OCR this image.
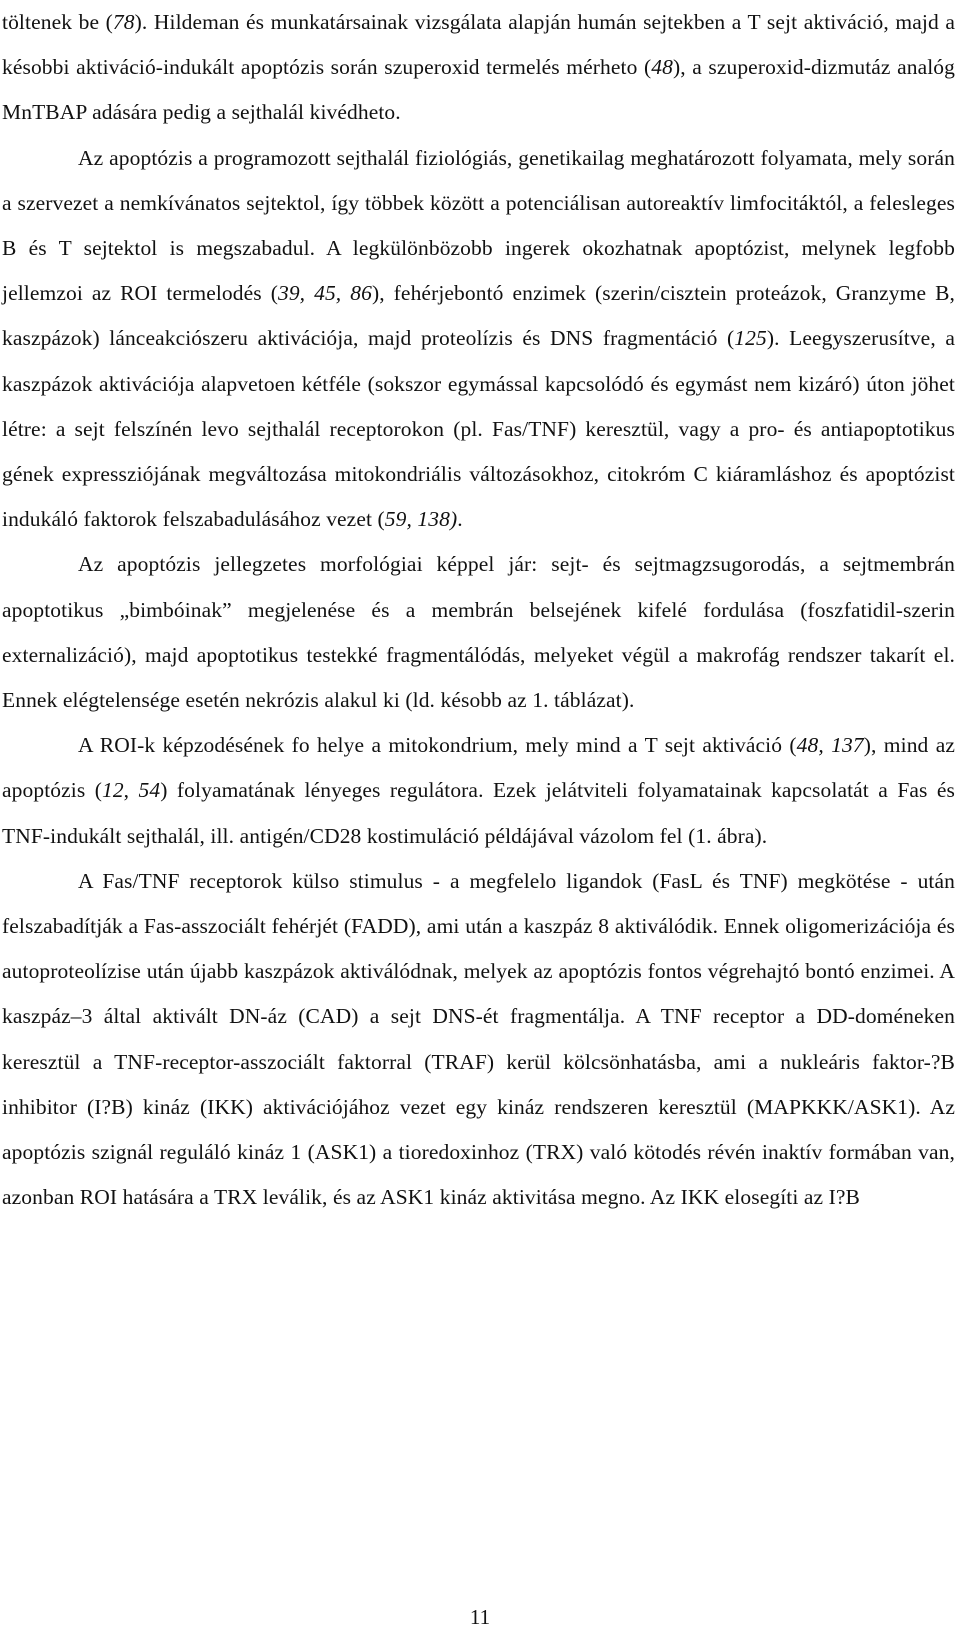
töltenek be (78). Hildeman és munkatársainak vizsgálata alapján humán sejtekben a T sejt aktiváció, majd a késobbi aktiváció-indukált apoptózis során szuperoxid termelés mérheto (48), a szuperoxid-dizmutáz analóg MnTBAP adására pedig a sejthalál kivédheto.

Az apoptózis a programozott sejthalál fiziológiás, genetikailag meghatározott folyamata, mely során a szervezet a nemkívánatos sejtektol, így többek között a potenciálisan autoreaktív limfocitáktól, a felesleges B és T sejtektol is megszabadul. A legkülönbözobb ingerek okozhatnak apoptózist, melynek legfobb jellemzoi az ROI termelodés (39, 45, 86), fehérjebontó enzimek (szerin/cisztein proteázok, Granzyme B, kaszpázok) lánceakciószeru aktivációja, majd proteolízis és DNS fragmentáció (125). Leegyszerusítve, a kaszpázok aktivációja alapvetoen kétféle (sokszor egymással kapcsolódó és egymást nem kizáró) úton jöhet létre: a sejt felszínén levo sejthalál receptorokon (pl. Fas/TNF) keresztül, vagy a pro- és antiapoptotikus gének expressziójának megváltozása mitokondriális változásokhoz, citokróm C kiáramláshoz és apoptózist indukáló faktorok felszabadulásához vezet (59, 138).

Az apoptózis jellegzetes morfológiai képpel jár: sejt- és sejtmagzsugorodás, a sejtmembrán apoptotikus „bimbóinak” megjelenése és a membrán belsejének kifelé fordulása (foszfatidil-szerin externalizáció), majd apoptotikus testekké fragmentálódás, melyeket végül a makrofág rendszer takarít el. Ennek elégtelensége esetén nekrózis alakul ki (ld. késobb az 1. táblázat).

A ROI-k képzodésének fo helye a mitokondrium, mely mind a T sejt aktiváció (48, 137), mind az apoptózis (12, 54) folyamatának lényeges regulátora. Ezek jelátviteli folyamatainak kapcsolatát a Fas és TNF-indukált sejthalál, ill. antigén/CD28 kostimuláció példájával vázolom fel (1. ábra).

A Fas/TNF receptorok külso stimulus - a megfelelo ligandok (FasL és TNF) megkötése - után felszabadítják a Fas-asszociált fehérjét (FADD), ami után a kaszpáz 8 aktiválódik. Ennek oligomerizációja és autoproteolízise után újabb kaszpázok aktiválódnak, melyek az apoptózis fontos végrehajtó bontó enzimei. A kaszpáz–3 által aktivált DN-áz (CAD) a sejt DNS-ét fragmentálja. A TNF receptor a DD-doméneken keresztül a TNF-receptor-asszociált faktorral (TRAF) kerül kölcsönhatásba, ami a nukleáris faktor-?B inhibitor (I?B) kináz (IKK) aktivációjához vezet egy kináz rendszeren keresztül (MAPKKK/ASK1). Az apoptózis szignál reguláló kináz 1 (ASK1) a tioredoxinhoz (TRX) való kötodés révén inaktív formában van, azonban ROI hatására a TRX leválik, és az ASK1 kináz aktivitása megno. Az IKK elosegíti az I?B

11
